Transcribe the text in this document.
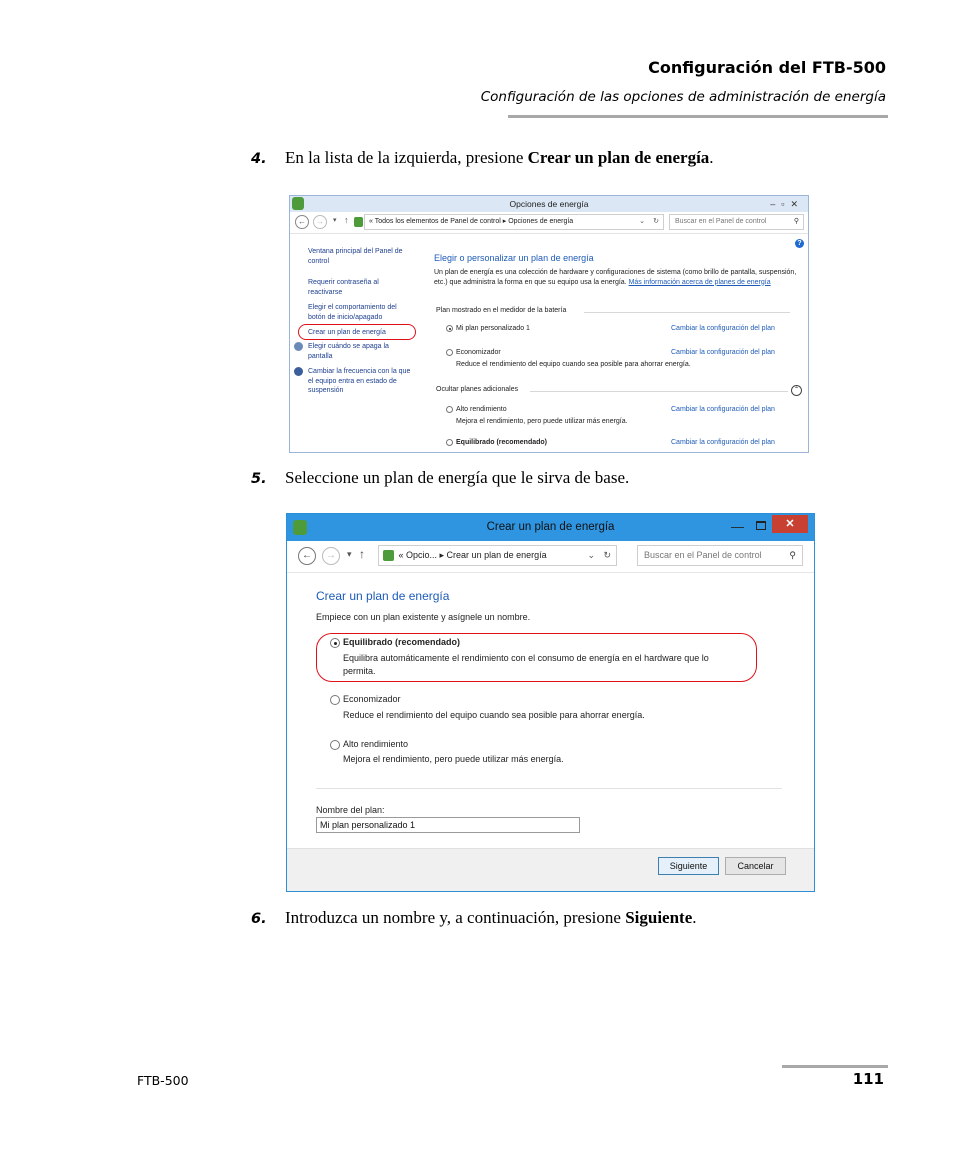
Configuración del FTB-500
Configuración de las opciones de administración de energía
4. En la lista de la izquierda, presione Crear un plan de energía.
Opciones de energía	–▫✕
←	→	▾ ↑	« Todos los elementos de Panel de control ▸ Opciones de energía	⌄ ↻	Buscar en el Panel de control	⚲
?
Ventana principal del Panel de control
Requerir contraseña al reactivarse
Elegir el comportamiento del botón de inicio/apagado
Crear un plan de energía
Elegir cuándo se apaga la pantalla
Cambiar la frecuencia con la que el equipo entra en estado de suspensión
Elegir o personalizar un plan de energía
Un plan de energía es una colección de hardware y configuraciones de sistema (como brillo de pantalla, suspensión, etc.) que administra la forma en que su equipo usa la energía. Más información acerca de planes de energía
Plan mostrado en el medidor de la batería
Mi plan personalizado 1	Cambiar la configuración del plan
Economizador	Cambiar la configuración del plan
Reduce el rendimiento del equipo cuando sea posible para ahorrar energía.
Ocultar planes adicionales	⌃
Alto rendimiento	Cambiar la configuración del plan
Mejora el rendimiento, pero puede utilizar más energía.
Equilibrado (recomendado)	Cambiar la configuración del plan
5. Seleccione un plan de energía que le sirva de base.
Crear un plan de energía	—	✕
←	→	▾ ↑	« Opcio... ▸ Crear un plan de energía	↻
⌄	Buscar en el Panel de control	⚲
Crear un plan de energía
Empiece con un plan existente y asígnele un nombre.
Equilibrado (recomendado)
Equilibra automáticamente el rendimiento con el consumo de energía en el hardware que lo
permita.
Economizador
Reduce el rendimiento del equipo cuando sea posible para ahorrar energía.
Alto rendimiento
Mejora el rendimiento, pero puede utilizar más energía.
Nombre del plan:
Mi plan personalizado 1
Siguiente	Cancelar
6. Introduzca un nombre y, a continuación, presione Siguiente.
FTB-500	111
